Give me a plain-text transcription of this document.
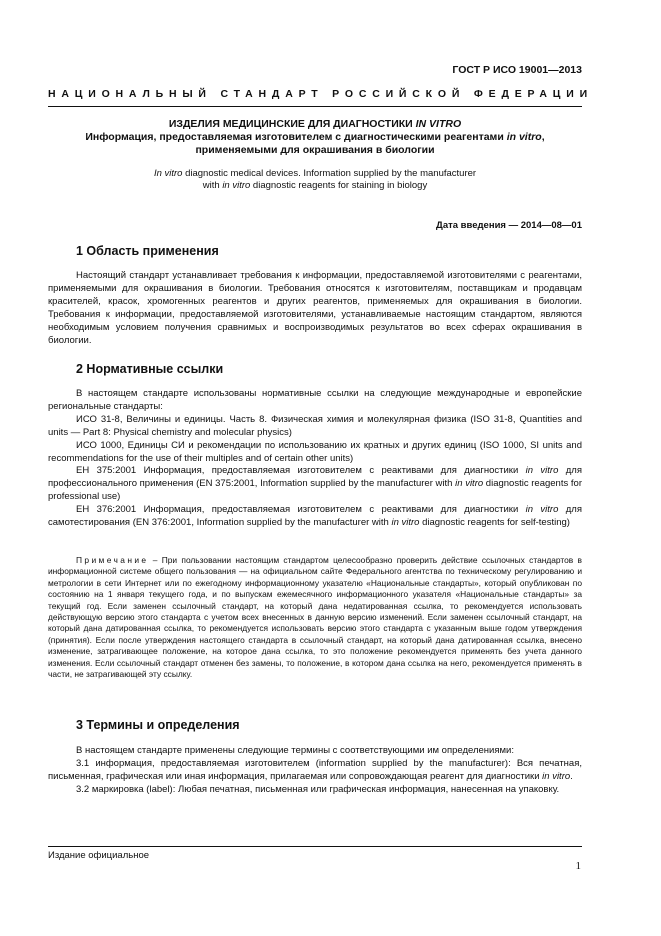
ГОСТ Р ИСО 19001—2013
НАЦИОНАЛЬНЫЙ СТАНДАРТ РОССИЙСКОЙ ФЕДЕРАЦИИ
ИЗДЕЛИЯ МЕДИЦИНСКИЕ ДЛЯ ДИАГНОСТИКИ IN VITRO
Информация, предоставляемая изготовителем с диагностическими реагентами in vitro,
применяемыми для окрашивания в биологии
In vitro diagnostic medical devices. Information supplied by the manufacturer
with in vitro diagnostic reagents for staining in biology
Дата введения — 2014—08—01
1 Область применения

Настоящий стандарт устанавливает требования к информации, предоставляемой изготовителями с реагентами, применяемыми для окрашивания в биологии. Требования относятся к изготовителям, поставщикам и продавцам красителей, красок, хромогенных реагентов и других реагентов, применяемых для окрашивания в биологии. Требования к информации, предоставляемой изготовителями, устанавливаемые настоящим стандартом, являются необходимым условием получения сравнимых и воспроизводимых результатов во всех сферах окрашивания в биологии.

2 Нормативные ссылки

В настоящем стандарте использованы нормативные ссылки на следующие международные и европейские региональные стандарты:

ИСО 31-8, Величины и единицы. Часть 8. Физическая химия и молекулярная физика (ISO 31-8, Quantities and units — Part 8: Physical chemistry and molecular physics)

ИСО 1000, Единицы СИ и рекомендации по использованию их кратных и других единиц (ISO 1000, SI units and recommendations for the use of their multiples and of certain other units)

ЕН 375:2001 Информация, предоставляемая изготовителем с реактивами для диагностики in vitro для профессионального применения (EN 375:2001, Information supplied by the manufacturer with in vitro diagnostic reagents for professional use)

ЕН 376:2001 Информация, предоставляемая изготовителем с реактивами для диагностики in vitro для самотестирования (EN 376:2001, Information supplied by the manufacturer with in vitro diagnostic reagents for self-testing)

Примечание – При пользовании настоящим стандартом целесообразно проверить действие ссылочных стандартов в информационной системе общего пользования — на официальном сайте Федерального агентства по техническому регулированию и метрологии в сети Интернет или по ежегодному информационному указателю «Национальные стандарты», который опубликован по состоянию на 1 января текущего года, и по выпускам ежемесячного информационного указателя «Национальные стандарты» за текущий год. Если заменен ссылочный стандарт, на который дана недатированная ссылка, то рекомендуется использовать действующую версию этого стандарта с учетом всех внесенных в данную версию изменений. Если заменен ссылочный стандарт, на который дана датированная ссылка, то рекомендуется использовать версию этого стандарта с указанным выше годом утверждения (принятия). Если после утверждения настоящего стандарта в ссылочный стандарт, на который дана датированная ссылка, внесено изменение, затрагивающее положение, на которое дана ссылка, то это положение рекомендуется применять без учета данного изменения. Если ссылочный стандарт отменен без замены, то положение, в котором дана ссылка на него, рекомендуется применять в части, не затрагивающей эту ссылку.

3 Термины и определения

В настоящем стандарте применены следующие термины с соответствующими им определениями:

3.1 информация, предоставляемая изготовителем (information supplied by the manufacturer): Вся печатная, письменная, графическая или иная информация, прилагаемая или сопровождающая реагент для диагностики in vitro.

3.2 маркировка (label): Любая печатная, письменная или графическая информация, нанесенная на упаковку.

Издание официальное
1
